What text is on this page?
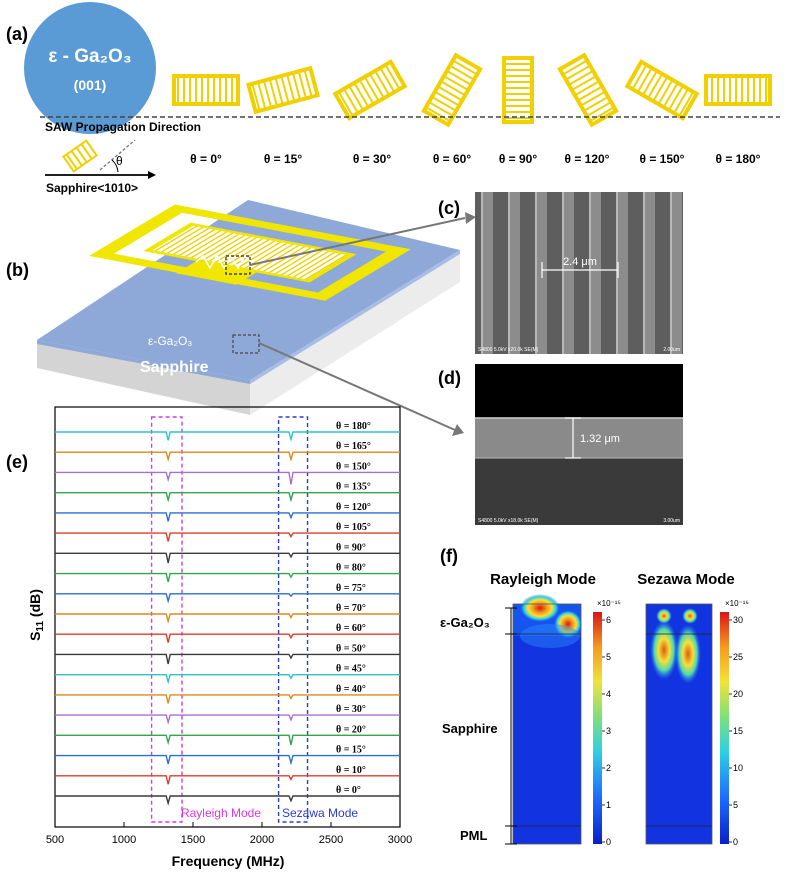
(a)
ε - Ga₂O₃
(001)
SAW Propagation Direction
θ
Sapphire<1010>
θ = 0°	θ = 15°	θ = 30°	θ = 60° θ = 90° θ = 120°	θ = 150°	θ = 180°
(b)
ε-Ga₂O₃
Sapphire
(c)
2.4 μm
S4800 5.0kV x20.0k SE(M)	2.00um
(d)
1.32 μm
S4800 5.0kV x18.0k SE(M)	3.00um
(e)
θ = 0°
θ = 10°
θ = 15°
θ = 20°
θ = 30°
θ = 40°
θ = 45°
θ = 50°
θ = 60°
θ = 70°
θ = 75°
θ = 80°
θ = 90°
θ = 105°
θ = 120°
θ = 135°
θ = 150°
θ = 165°
θ = 180°
500	1000	1500	2000	2500	3000
Rayleigh Mode Sezawa Mode
Frequency (MHz)
$S_{11}$ (dB)
(f)
Rayleigh Mode	Sezawa Mode
×10⁻¹⁵
6
5
4
3
2
1
0
×10⁻¹⁶
30
25
20
15
10
5
0
ε-Ga₂O₃
Sapphire
PML
